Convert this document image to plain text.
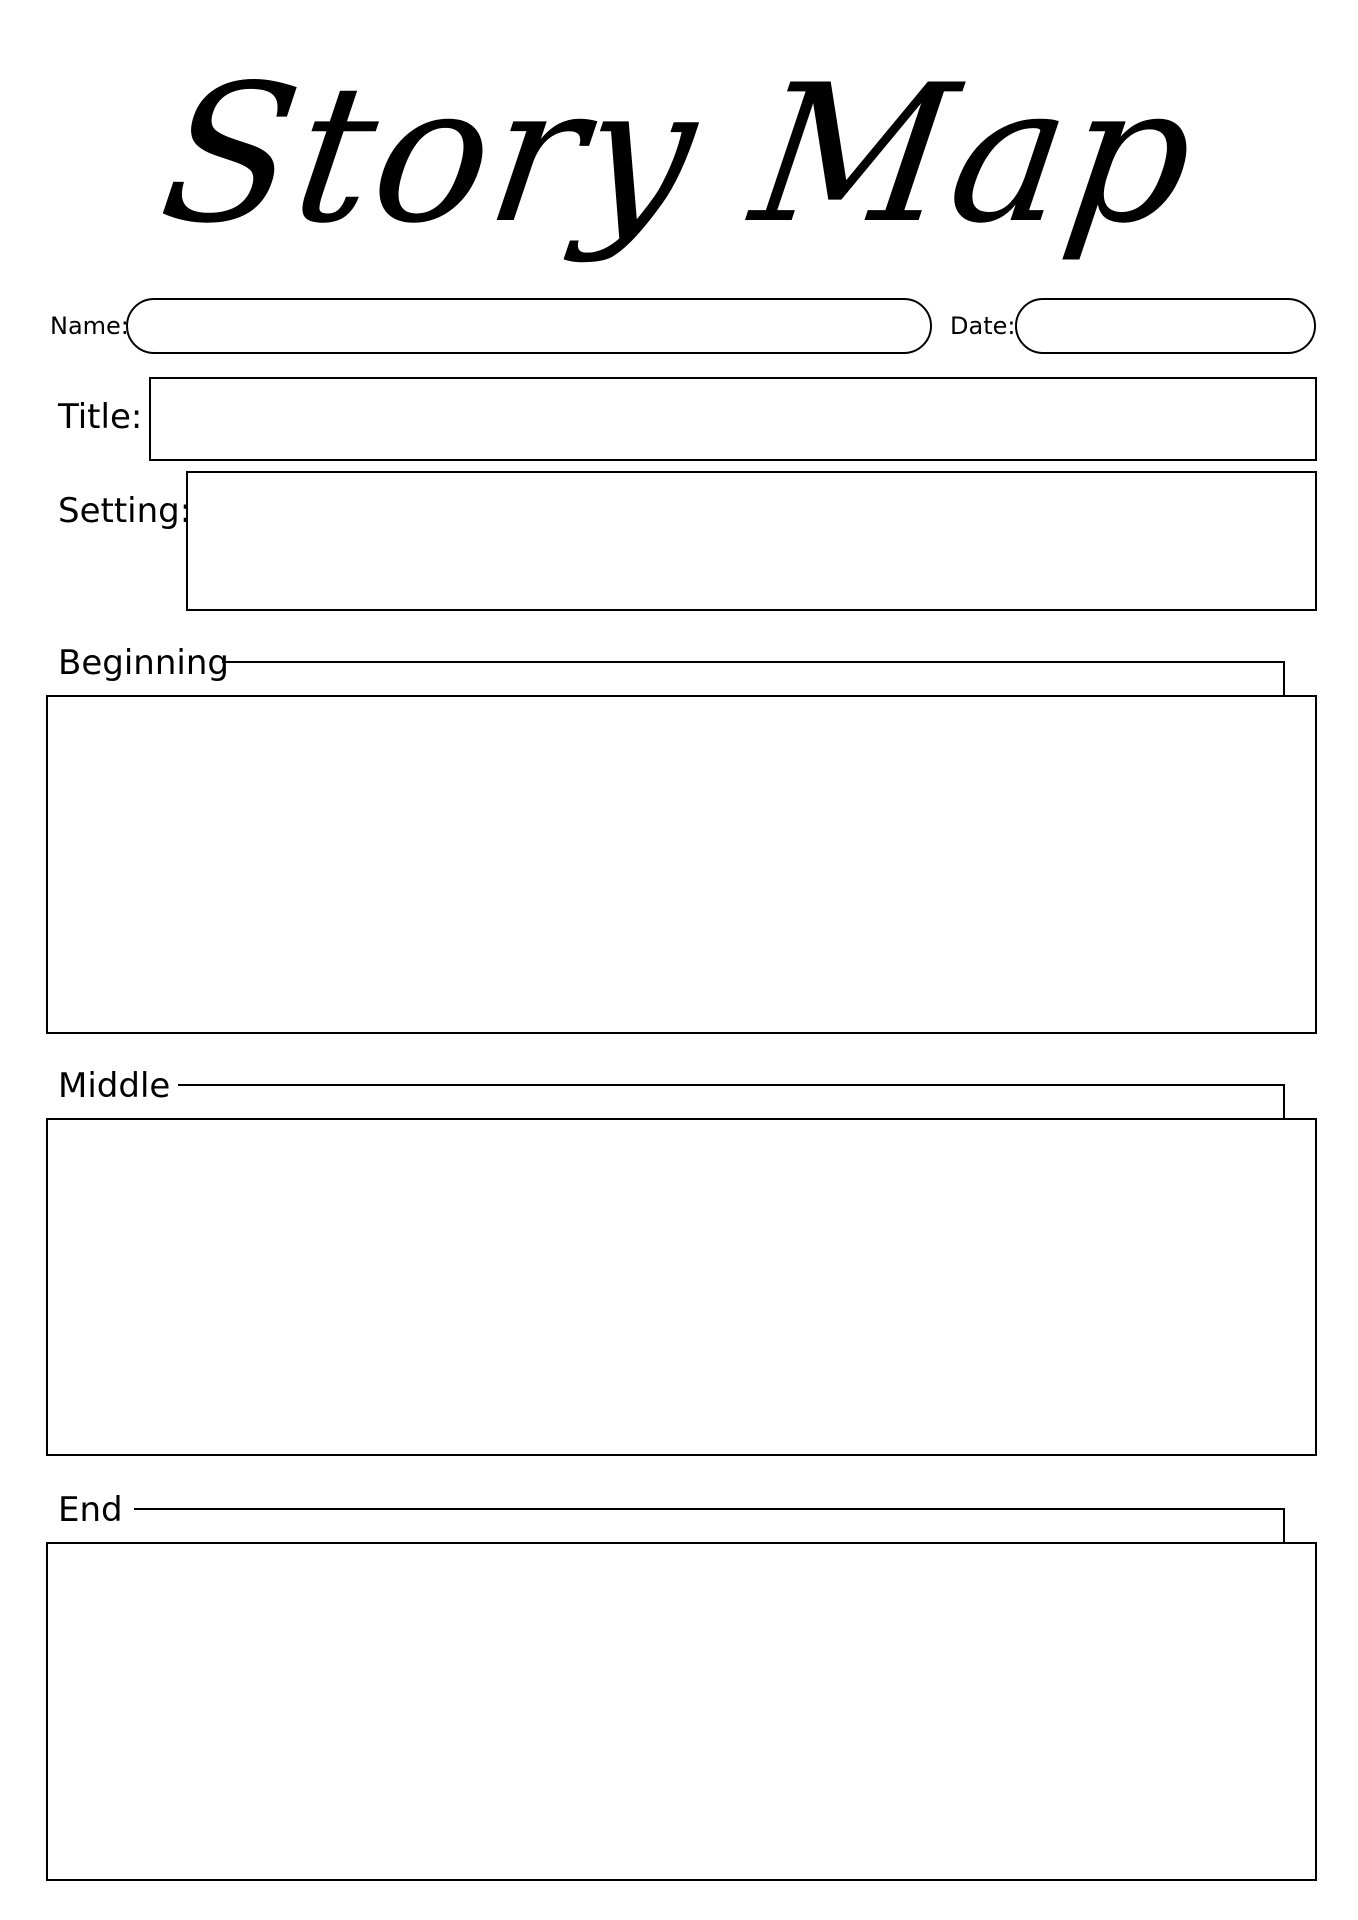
Story Map
Name:	Date:
Title:
Setting:
Beginning
Middle
End
